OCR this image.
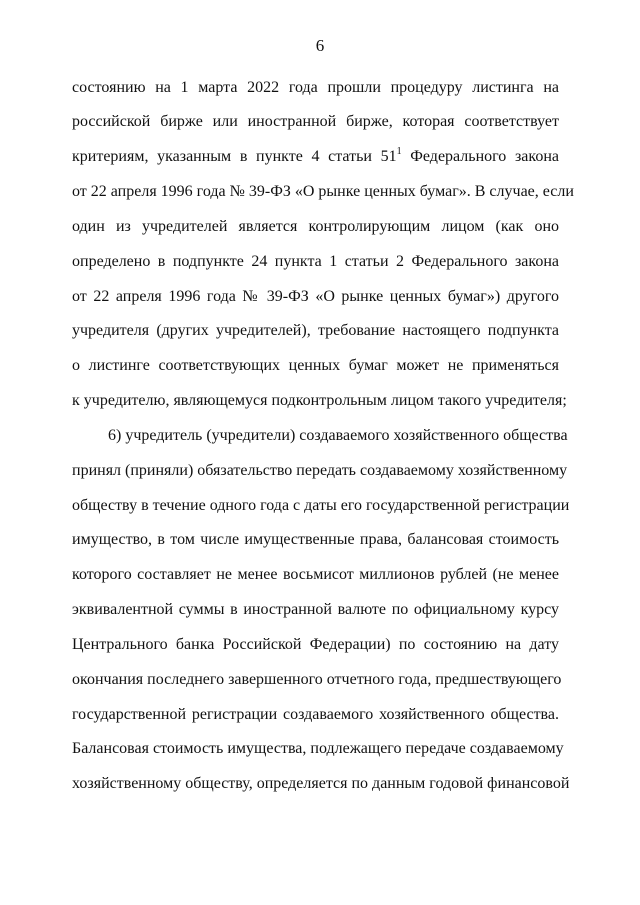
6
состоянию на 1 марта 2022 года прошли процедуру листинга на
российской бирже или иностранной бирже, которая соответствует
критериям, указанным в пункте 4 статьи $51^1$ Федерального закона
от 22 апреля 1996 года № 39-ФЗ «О рынке ценных бумаг». В случае, если
один из учредителей является контролирующим лицом (как оно
определено в подпункте 24 пункта 1 статьи 2 Федерального закона
от 22 апреля 1996 года № 39-ФЗ «О рынке ценных бумаг») другого
учредителя (других учредителей), требование настоящего подпункта
о листинге соответствующих ценных бумаг может не применяться
к учредителю, являющемуся подконтрольным лицом такого учредителя;
6) учредитель (учредители) создаваемого хозяйственного общества
принял (приняли) обязательство передать создаваемому хозяйственному
обществу в течение одного года с даты его государственной регистрации
имущество, в том числе имущественные права, балансовая стоимость
которого составляет не менее восьмисот миллионов рублей (не менее
эквивалентной суммы в иностранной валюте по официальному курсу
Центрального банка Российской Федерации) по состоянию на дату
окончания последнего завершенного отчетного года, предшествующего
государственной регистрации создаваемого хозяйственного общества.
Балансовая стоимость имущества, подлежащего передаче создаваемому
хозяйственному обществу, определяется по данным годовой финансовой
